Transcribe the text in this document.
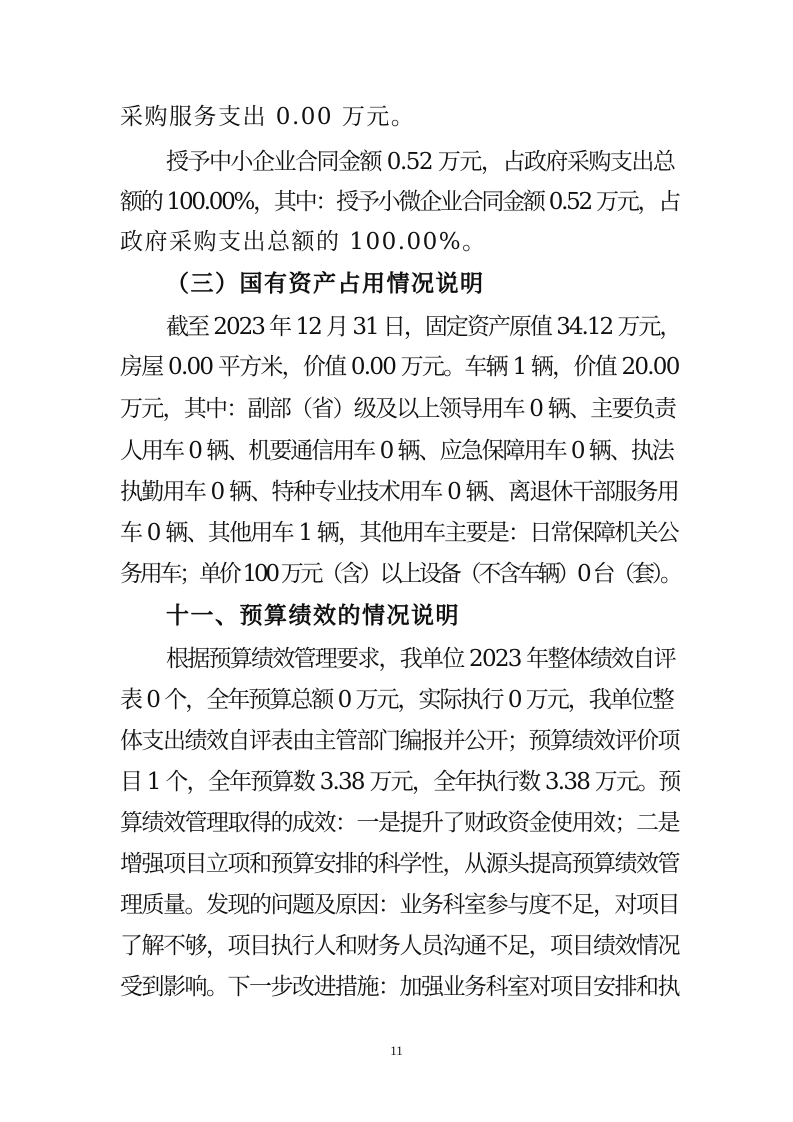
采购服务支出 0.00 万元。
授予中小企业合同金额 0.52 万元，占政府采购支出总
额的 100.00%，其中：授予小微企业合同金额 0.52 万元，占
政府采购支出总额的 100.00%。
（三）国有资产占用情况说明
截至 2023 年 12 月 31 日，固定资产原值 34.12 万元，
房屋 0.00 平方米，价值 0.00 万元。车辆 1 辆，价值 20.00
万元，其中：副部（省）级及以上领导用车 0 辆、主要负责
人用车 0 辆、机要通信用车 0 辆、应急保障用车 0 辆、执法
执勤用车 0 辆、特种专业技术用车 0 辆、离退休干部服务用
车 0 辆、其他用车 1 辆，其他用车主要是：日常保障机关公
务用车；单价 100 万元（含）以上设备（不含车辆）0 台（套）。
十一、预算绩效的情况说明
根据预算绩效管理要求，我单位 2023 年整体绩效自评
表 0 个，全年预算总额 0 万元，实际执行 0 万元，我单位整
体支出绩效自评表由主管部门编报并公开；预算绩效评价项
目 1 个，全年预算数 3.38 万元，全年执行数 3.38 万元。预
算绩效管理取得的成效：一是提升了财政资金使用效；二是
增强项目立项和预算安排的科学性，从源头提高预算绩效管
理质量。发现的问题及原因：业务科室参与度不足，对项目
了解不够，项目执行人和财务人员沟通不足，项目绩效情况
受到影响。下一步改进措施：加强业务科室对项目安排和执
11
